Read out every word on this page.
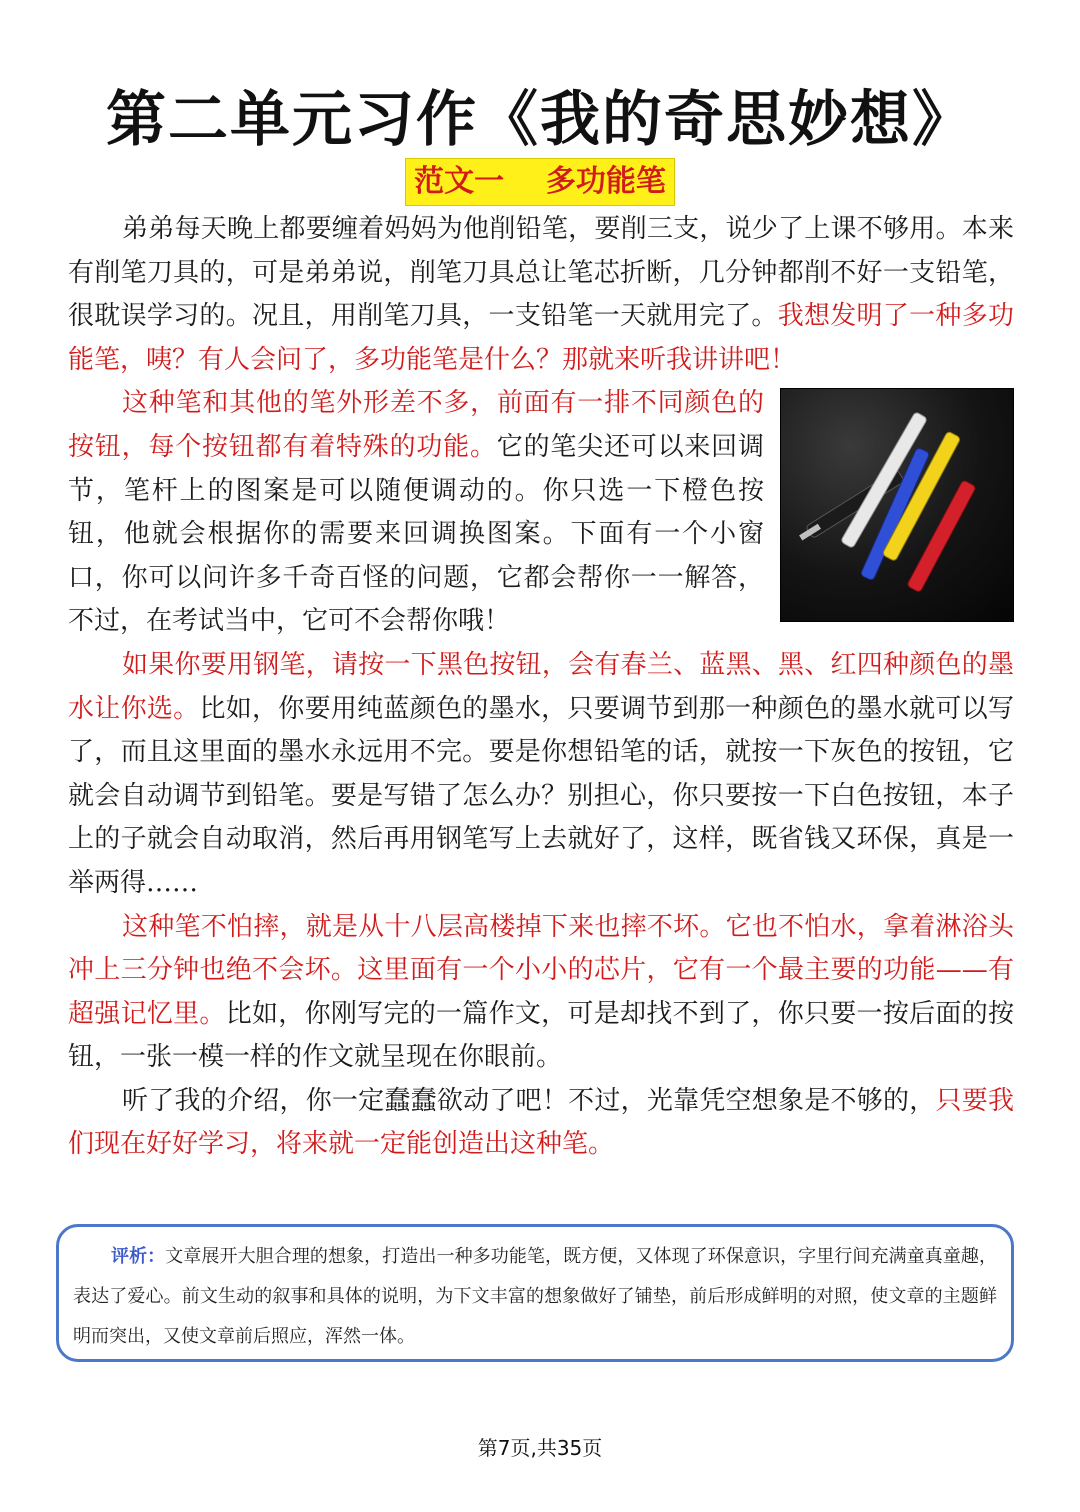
第二单元习作《我的奇思妙想》
范文一    多功能笔

弟弟每天晚上都要缠着妈妈为他削铅笔，要削三支，说少了上课不够用。本来有削笔刀具的，可是弟弟说，削笔刀具总让笔芯折断，几分钟都削不好一支铅笔，很耽误学习的。况且，用削笔刀具，一支铅笔一天就用完了。我想发明了一种多功能笔，咦？有人会问了，多功能笔是什么？那就来听我讲讲吧！

这种笔和其他的笔外形差不多，前面有一排不同颜色的按钮，每个按钮都有着特殊的功能。它的笔尖还可以来回调节，笔杆上的图案是可以随便调动的。你只选一下橙色按钮，他就会根据你的需要来回调换图案。下面有一个小窗口，你可以问许多千奇百怪的问题，它都会帮你一一解答，不过，在考试当中，它可不会帮你哦！

如果你要用钢笔，请按一下黑色按钮，会有春兰、蓝黑、黑、红四种颜色的墨水让你选。比如，你要用纯蓝颜色的墨水，只要调节到那一种颜色的墨水就可以写了，而且这里面的墨水永远用不完。要是你想铅笔的话，就按一下灰色的按钮，它就会自动调节到铅笔。要是写错了怎么办？别担心，你只要按一下白色按钮，本子上的子就会自动取消，然后再用钢笔写上去就好了，这样，既省钱又环保，真是一举两得……

这种笔不怕摔，就是从十八层高楼掉下来也摔不坏。它也不怕水，拿着淋浴头冲上三分钟也绝不会坏。这里面有一个小小的芯片，它有一个最主要的功能——有超强记忆里。比如，你刚写完的一篇作文，可是却找不到了，你只要一按后面的按钮，一张一模一样的作文就呈现在你眼前。

听了我的介绍，你一定蠢蠢欲动了吧！不过，光靠凭空想象是不够的，只要我们现在好好学习，将来就一定能创造出这种笔。

评析：文章展开大胆合理的想象，打造出一种多功能笔，既方便，又体现了环保意识，字里行间充满童真童趣，表达了爱心。前文生动的叙事和具体的说明，为下文丰富的想象做好了铺垫，前后形成鲜明的对照，使文章的主题鲜明而突出，又使文章前后照应，浑然一体。

第7页,共35页
